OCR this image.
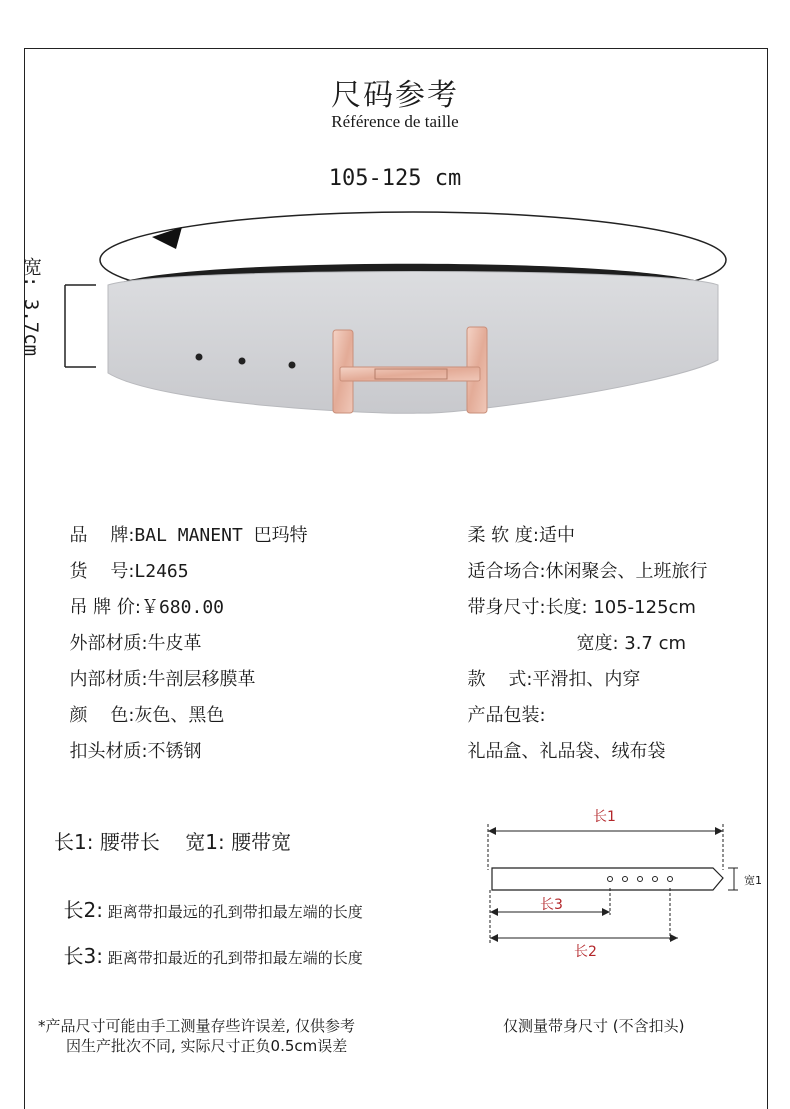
尺码参考
Référence de taille
105-125 cm
宽: 3.7cm

品    牌:BAL MANENT 巴玛特

货    号:L2465

吊 牌 价:￥680.00

外部材质:牛皮革

内部材质:牛剖层移膜革

颜    色:灰色、黑色

扣头材质:不锈钢

柔 软 度:适中

适合场合:休闲聚会、上班旅行

带身尺寸:长度: 105-125cm

宽度: 3.7 cm

款    式:平滑扣、内穿

产品包装:

礼品盒、礼品袋、绒布袋

长1: 腰带长    宽1: 腰带宽

长2: 距离带扣最远的孔到带扣最左端的长度

长3: 距离带扣最近的孔到带扣最左端的长度

长1
长3
长2
宽1
*产品尺寸可能由手工测量存些许误差, 仅供参考
因生产批次不同, 实际尺寸正负0.5cm误差
仅测量带身尺寸 (不含扣头)
